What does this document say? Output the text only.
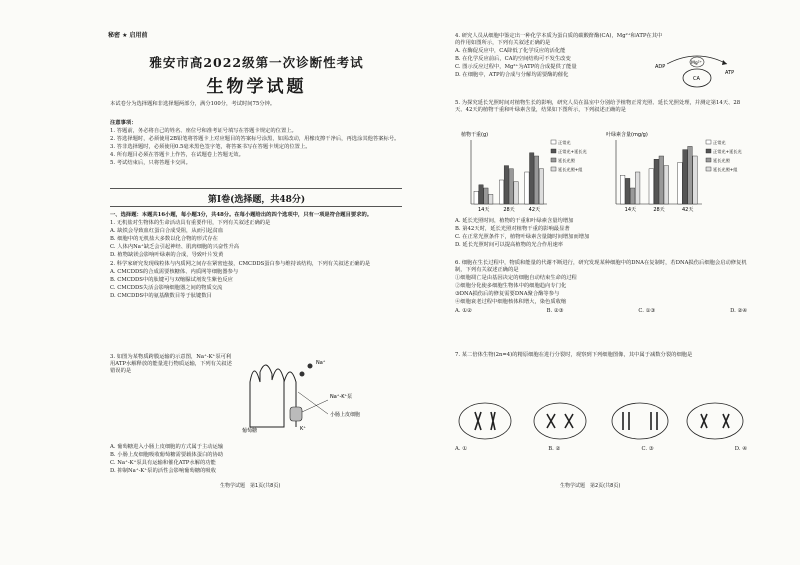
秘密 ★ 启用前
雅安市高2022级第一次诊断性考试
生物学试题
本试卷分为选择题和非选择题两部分，满分100分，考试时间75分钟。
注意事项：
1. 答题前，务必将自己的姓名、座位号和准考证号填写在答题卡规定的位置上。
2. 答选择题时，必须使用2B铅笔将答题卡上对应题目的答案标号涂黑，如需改动，用橡皮擦干净后，再选涂其他答案标号。
3. 答非选择题时，必须使用0.5毫米黑色签字笔，将答案书写在答题卡规定的位置上。
4. 所有题目必须在答题卡上作答，在试题卷上答题无效。
5. 考试结束后，只将答题卡交回。
第Ⅰ卷(选择题，共48分)
一、选择题：本题共16小题，每小题3分，共48分。在每小题给出的四个选项中，只有一项是符合题目要求的。
1. 无机盐对生物体的生命活动具有重要作用，下列有关叙述正确的是
A. 缺铁会导致血红蛋白合成受阻，从而引起贫血
B. 细胞中的无机盐大多数以化合物的形式存在
C. 人体内Na⁺缺乏会引起神经、肌肉细胞的兴奋性升高
D. 植物缺镁会影响叶绿素的合成，导致叶片发黄
2. 科学家研究发现线粒体与内质网之间存在紧密连接，CMCDDS蛋白参与维持该结构，下列有关叙述正确的是
A. CMCDDS的合成需要核糖体、内质网等细胞器参与
B. CMCDDS中的肽键可与双缩脲试剂发生紫色反应
C. CMCDDS失活会影响细胞器之间的物质交流
D. CMCDDS中的氨基酸数目等于肽键数目
3. 如图为某物质跨膜运输的示意图，Na⁺-K⁺泵可利用ATP水解释放的能量进行物质运输，下列有关叙述错误的是
葡萄糖
Na⁺-K⁺泵
小肠上皮细胞
Na⁺
K⁺
A. 葡萄糖进入小肠上皮细胞的方式属于主动运输
B. 小肠上皮细胞吸收葡萄糖需要载体蛋白的协助
C. Na⁺-K⁺泵具有运输和催化ATP水解的功能
D. 抑制Na⁺-K⁺泵的活性会影响葡萄糖的吸收
生物学试题　第1页(共8页)
4. 研究人员从细胞中鉴定出一种化学本质为蛋白质的碳酸酐酶(CA)，Mg²⁺和ATP在其中的作用如图所示，下列有关叙述正确的是
A. 在酶促反应中，CA降低了化学反应的活化能
B. 在化学反应前后，CA的空间结构可不发生改变
C. 图示反应过程中，Mg²⁺为ATP的合成提供了能量
D. 在细胞中，ATP的合成与分解均需要酶的催化
ADP
Mg²⁺
ATP
CA
5. 为探究延长光照时间对植物生长的影响，研究人员在温室中分别给予植物正常光照、延长光照处理，并测定第14天、28天、42天的植物干重和叶绿素含量，结果如下图所示，下列叙述正确的是
植物干重(g)
14天	28天	42天
正常光
正常光+延长光
延长光照
延长光照+组
叶绿素含量(mg/g)
14天	28天	42天
正常光
正常光+延长光
延长光照
延长光照+组
A. 延长光照时间，植物的干重和叶绿素含量均增加
B. 第42天时，延长光照对植物干重的影响最显著
C. 在正常光照条件下，植物叶绿素含量随时间增加而增加
D. 延长光照时间可以提高植物的光合作用速率
6. 细胞在生长过程中，物质和能量的代谢不断进行，研究发现某种细胞中的DNA在复制时，若DNA损伤后细胞会启动修复机制，下列有关叙述正确的是
①细胞凋亡是由基因决定的细胞自动结束生命的过程
②细胞分化使多细胞生物体中的细胞趋向专门化
③DNA损伤后的修复需要DNA聚合酶等参与
④细胞衰老过程中细胞核体积增大，染色质收缩
A. ①②	B. ②③	C. ①③	D. ②④
7. 某二倍体生物(2n=4)的精原细胞在进行分裂时，观察到下列细胞图像，其中属于减数分裂的细胞是
A. ①	B. ②	C. ③	D. ④
生物学试题　第2页(共8页)
